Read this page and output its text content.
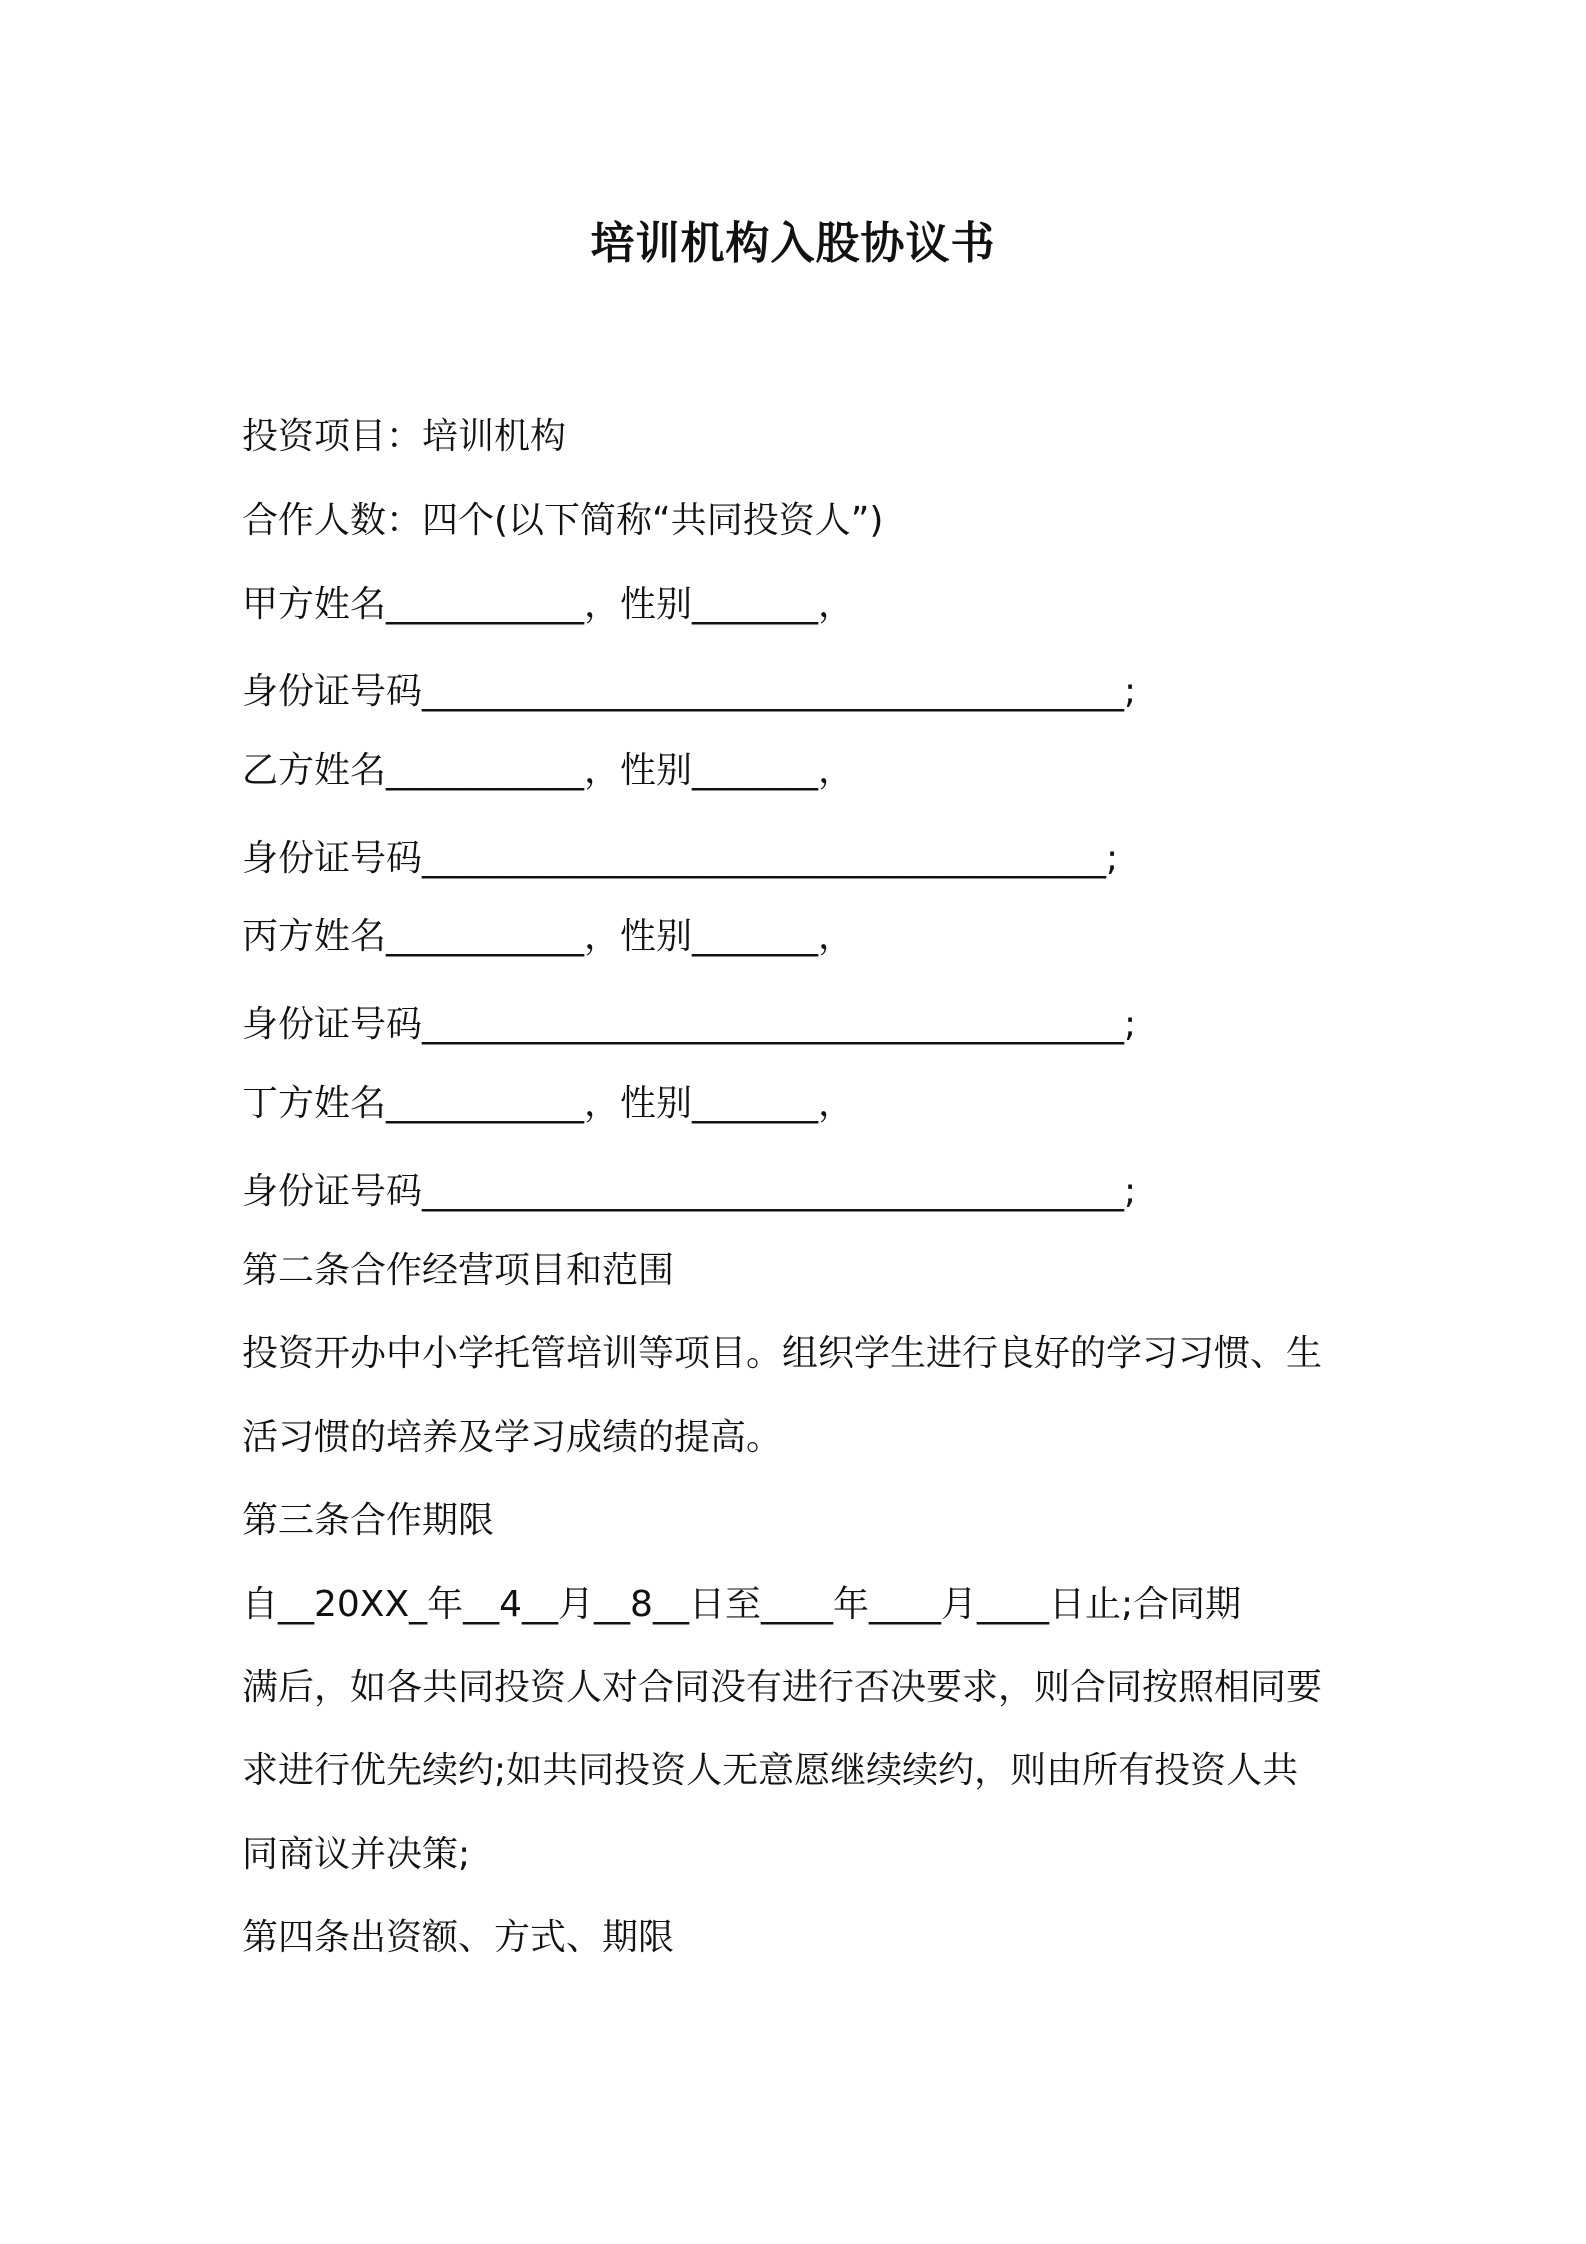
培训机构入股协议书
投资项目：培训机构
合作人数：四个(以下简称“共同投资人”)
甲方姓名___________，性别_______，
身份证号码_______________________________________;
乙方姓名___________，性别_______，
身份证号码______________________________________;
丙方姓名___________，性别_______，
身份证号码_______________________________________;
丁方姓名___________，性别_______，
身份证号码_______________________________________;
第二条合作经营项目和范围
投资开办中小学托管培训等项目。组织学生进行良好的学习习惯、生
活习惯的培养及学习成绩的提高。
第三条合作期限
自__20XX_年__4__月__8__日至____年____月____日止;合同期
满后，如各共同投资人对合同没有进行否决要求，则合同按照相同要
求进行优先续约;如共同投资人无意愿继续续约，则由所有投资人共
同商议并决策;
第四条出资额、方式、期限
